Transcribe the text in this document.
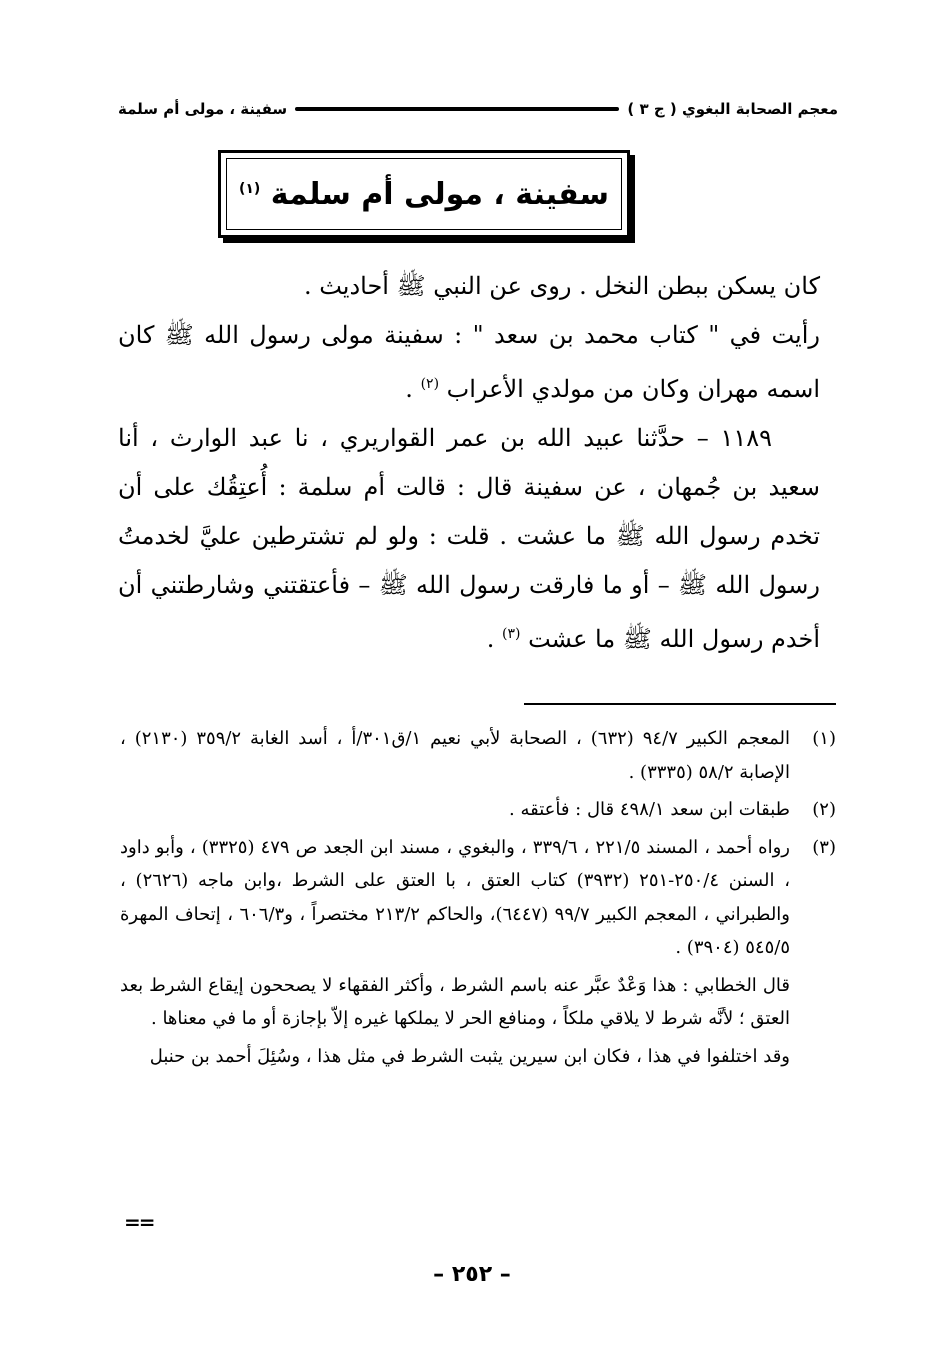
معجم الصحابة البغوي ( ج ٣ )
سفينة ، مولى أم سلمة
سفينة ، مولى أم سلمة $^{(١)}$

كان يسكن ببطن النخل . روى عن النبي ﷺ أحاديث .

رأيت في " كتاب محمد بن سعد " : سفينة مولى رسول الله ﷺ كان اسمه مهران وكان من مولدي الأعراب $^{(٢)}$ .

١١٨٩ – حدَّثنا عبيد الله بن عمر القواريري ، نا عبد الوارث ، أنا سعيد بن جُمهان ، عن سفينة قال : قالت أم سلمة : أُعتِقُك على أن تخدم رسول الله ﷺ ما عشت . قلت : ولو لم تشترطين عليَّ لخدمتُ رسول الله ﷺ – أو ما فارقت رسول الله ﷺ – فأعتقتني وشارطتني أن أخدم رسول الله ﷺ ما عشت $^{(٣)}$ .

(١)
المعجم الكبير ٩٤/٧ (٦٣٢) ، الصحابة لأبي نعيم ١/ق٣٠١/أ ، أسد الغابة ٣٥٩/٢ (٢١٣٠) ، الإصابة ٥٨/٢ (٣٣٣٥) .
(٢)
طبقات ابن سعد ٤٩٨/١ قال : فأعتقه .
(٣)
رواه أحمد ، المسند ٢٢١/٥ ، ٣٣٩/٦ ، والبغوي ، مسند ابن الجعد ص ٤٧٩ (٣٣٢٥) ، وأبو داود ، السنن ٢٥٠/٤-٢٥١ (٣٩٣٢) كتاب العتق ، با العتق على الشرط ،وابن ماجه (٢٦٢٦) ، والطبراني ، المعجم الكبير ٩٩/٧ (٦٤٤٧)، والحاكم ٢١٣/٢ مختصراً ، و٦٠٦/٣ ، إتحاف المهرة ٥٤٥/٥ (٣٩٠٤) .

قال الخطابي : هذا وَعْدٌ عبَّر عنه باسم الشرط ، وأكثر الفقهاء لا يصححون إيقاع الشرط بعد العتق ؛ لأنَّه شرط لا يلاقي ملكاً ، ومنافع الحر لا يملكها غيره إلاّ بإجازة أو ما في معناها .

وقد اختلفوا في هذا ، فكان ابن سيرين يثبت الشرط في مثل هذا ، وسُئِلَ أحمد بن حنبل

==
– ٢٥٢ –
